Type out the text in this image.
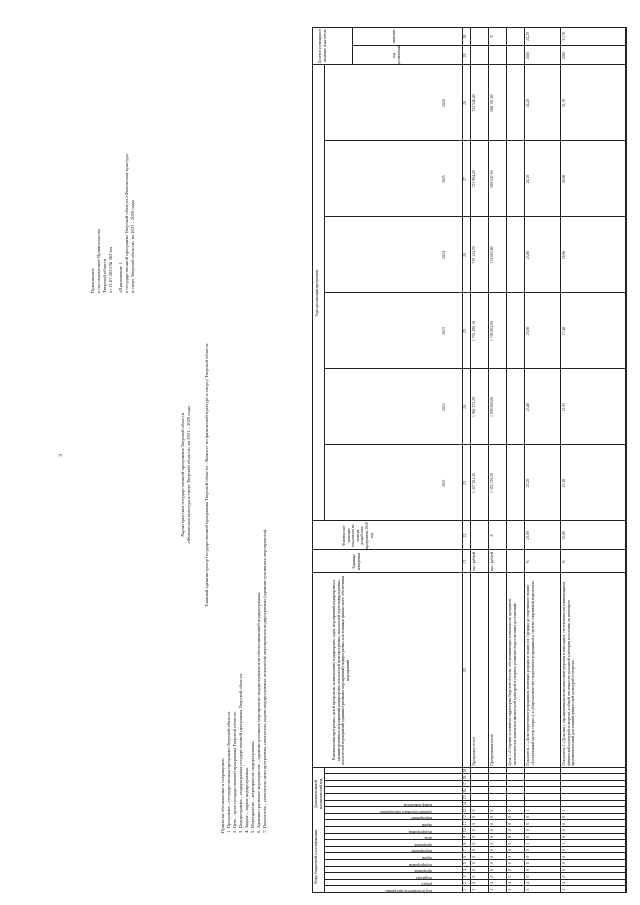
3
Приложение к постановлению Правительства Тверской области от 11.07.2023 № 302-пп «Приложение 1 к государственной программе Тверской области «Физическая культура и спорт Тверской области» на 2021 – 2026 годы
Характеристика государственной программы Тверской области «Физическая культура и спорт Тверской области» на 2021 – 2026 годы	Главный администратор государственной программы Тверской области – Комитет по физической культуре и спорту Тверской области
Принятые обозначения и сокращения: 1. Программа – государственная программа Тверской области. 2. Цель – цель государственной программы Тверской области. 3. Подпрограмма – подпрограмма государственной программы Тверской области. 4. Задача – задача подпрограммы. 5. Мероприятие – мероприятие подпрограммы. 6. Административное мероприятие – административное мероприятие подпрограммы или обеспечивающей подпрограммы. 7. Показатель – показатель цели программы, показатель задачи подпрограммы, показатель мероприятия подпрограммы (административного мероприятия).
Коды бюджетной классификации
Дополнительный аналитический код
Наименование программы, целей программы, наименование подпрограмм, задач, мероприятий подпрограмм и административных мероприятий подпрограмм, показателей цели программы, показателей задач подпрограммы, показателей мероприятий (административных мероприятий) подпрограммы и источников финансового обеспечения мероприятий
Единица измерения
Фактическое значение показателя на момент разработки программы 2020 год
Годы реализации программы
Целевое (суммарное) значение показателя	значение
год достижения
2021
2022
2023
2024
2025
2026
1
2
3
4
5
6
7
8
9
10
11
12
13
14
15
16
17
18
19
20
21
22
23
24
25
26
27
28
29
30
Код исполнителя программы
раздел
подраздел
программа
подпрограмма
задача
мероприятие
программа
цель
подпрограмма
задача
мероприятие
административное мероприятие
номер показателя
3
4
0
0
0
0
0
0
0
0
0
0
0
Программа, всего
тыс. рублей
1 327 301,26
1 962 372,29
1 731 290,10
719 124,70
723 994,29
722 548,40
3
4
0
0
0
0
0
0
0
0
0
0
0
Программная часть
тыс. рублей
Х
1 353 729,26
1 939 569,00
1 705 852,60
714 663,80
609 647,50
608 101,60
Х
3
4
0
0
0
0
0
0
0
0
0
0
0
Цель 1 «Создание условий на территории Тверской области, обеспечивающих возможность гражданам систематически заниматься физической культурой и спортом, развития спорта высших достижений»
3
4
0
0
0
0
0
1
0
0
0
0
1
Показатель 1 «Доля спортсменов-разрядников, имеющих разряды и звания (от I разряда до спортивного звания «Заслуженный мастер спорта»), в общем количестве спортсменов-разрядников в системе спортивной подготовки»
%
23,00
23,20
23,40
23,60
23,80
24,10
24,20
2026
24,20
3
4
0
0
0
0
0
1
0
0
0
0
2
Показатель 2 «Доля лиц с ограниченными возможностями здоровья и инвалидов, систематически занимающихся физической культурой и спортом, в общей численности указанной категории населения, не имеющего противопоказаний для занятий физической культурой и спортом»
%
15,80
21,30
21,91
17,40
18,90
29,90
31,70
2026
31,70
